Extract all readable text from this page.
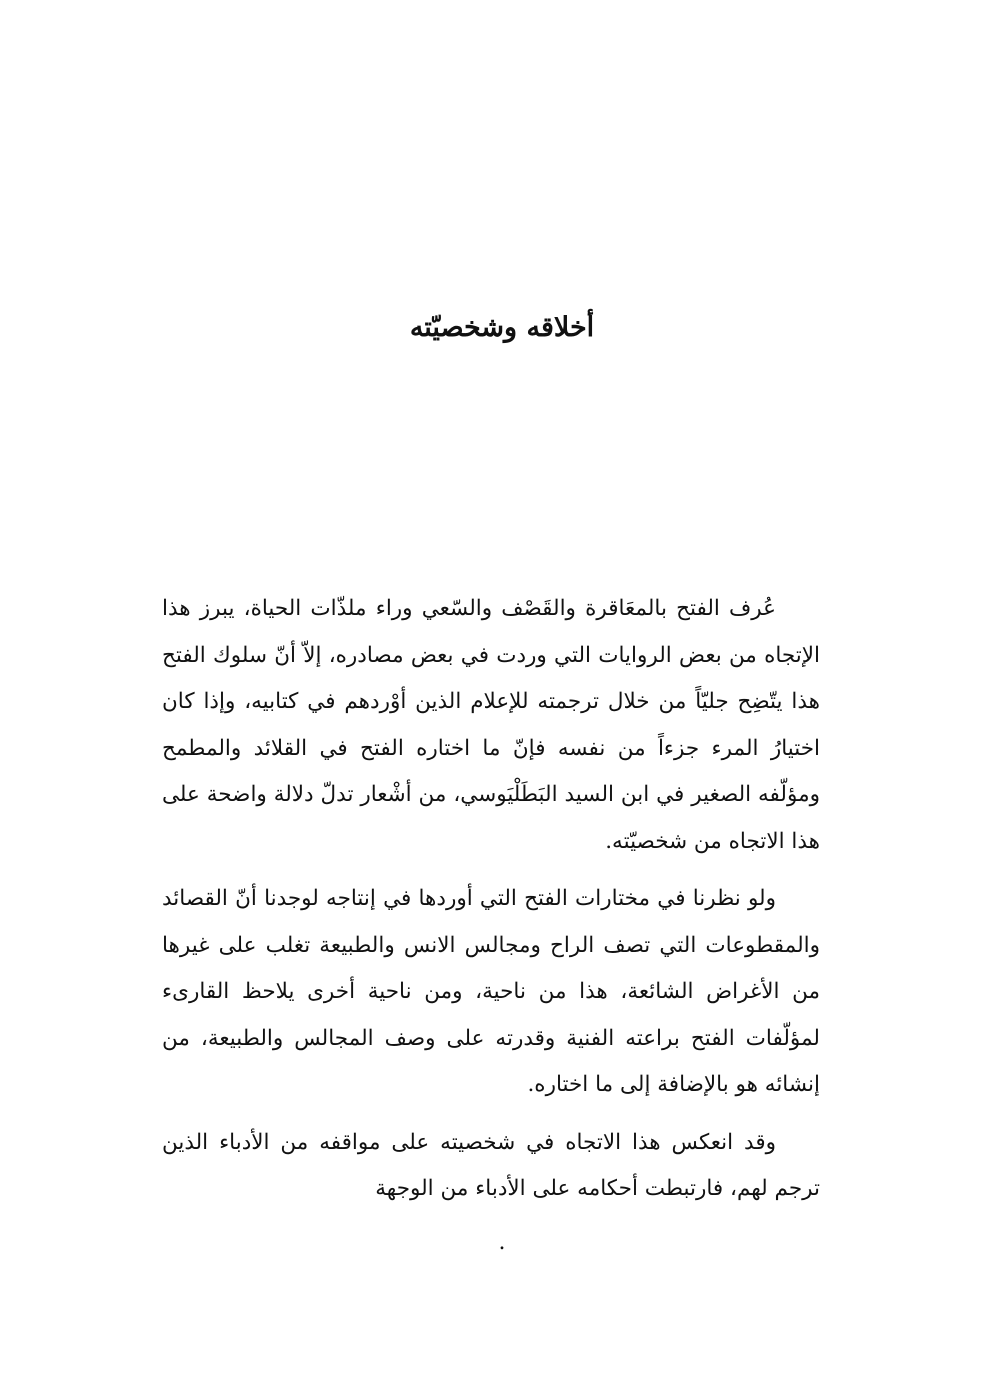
أخلاقه وشخصيّته

عُرف الفتح بالمعَاقرة والقَصْف والسّعي وراء ملذّات الحياة، يبرز هذا الإتجاه من بعض الروايات التي وردت في بعض مصادره، إلاّ أنّ سلوك الفتح هذا يتّضِح جليّاً من خلال ترجمته للإعلام الذين أوْردهم في كتابيه، وإذا كان اختيارُ المرء جزءاً من نفسه فإنّ ما اختاره الفتح في القلائد والمطمح ومؤلّفه الصغير في ابن السيد البَطَلْيَوسي، من أشْعار تدلّ دلالة واضحة على هذا الاتجاه من شخصيّته.

ولو نظرنا في مختارات الفتح التي أوردها في إنتاجه لوجدنا أنّ القصائد والمقطوعات التي تصف الراح ومجالس الانس والطبيعة تغلب على غيرها من الأغراض الشائعة، هذا من ناحية، ومن ناحية أخرى يلاحظ القارىء لمؤلّفات الفتح براعته الفنية وقدرته على وصف المجالس والطبيعة، من إنشائه هو بالإضافة إلى ما اختاره.

وقد انعكس هذا الاتجاه في شخصيته على مواقفه من الأدباء الذين ترجم لهم، فارتبطت أحكامه على الأدباء من الوجهة

.
